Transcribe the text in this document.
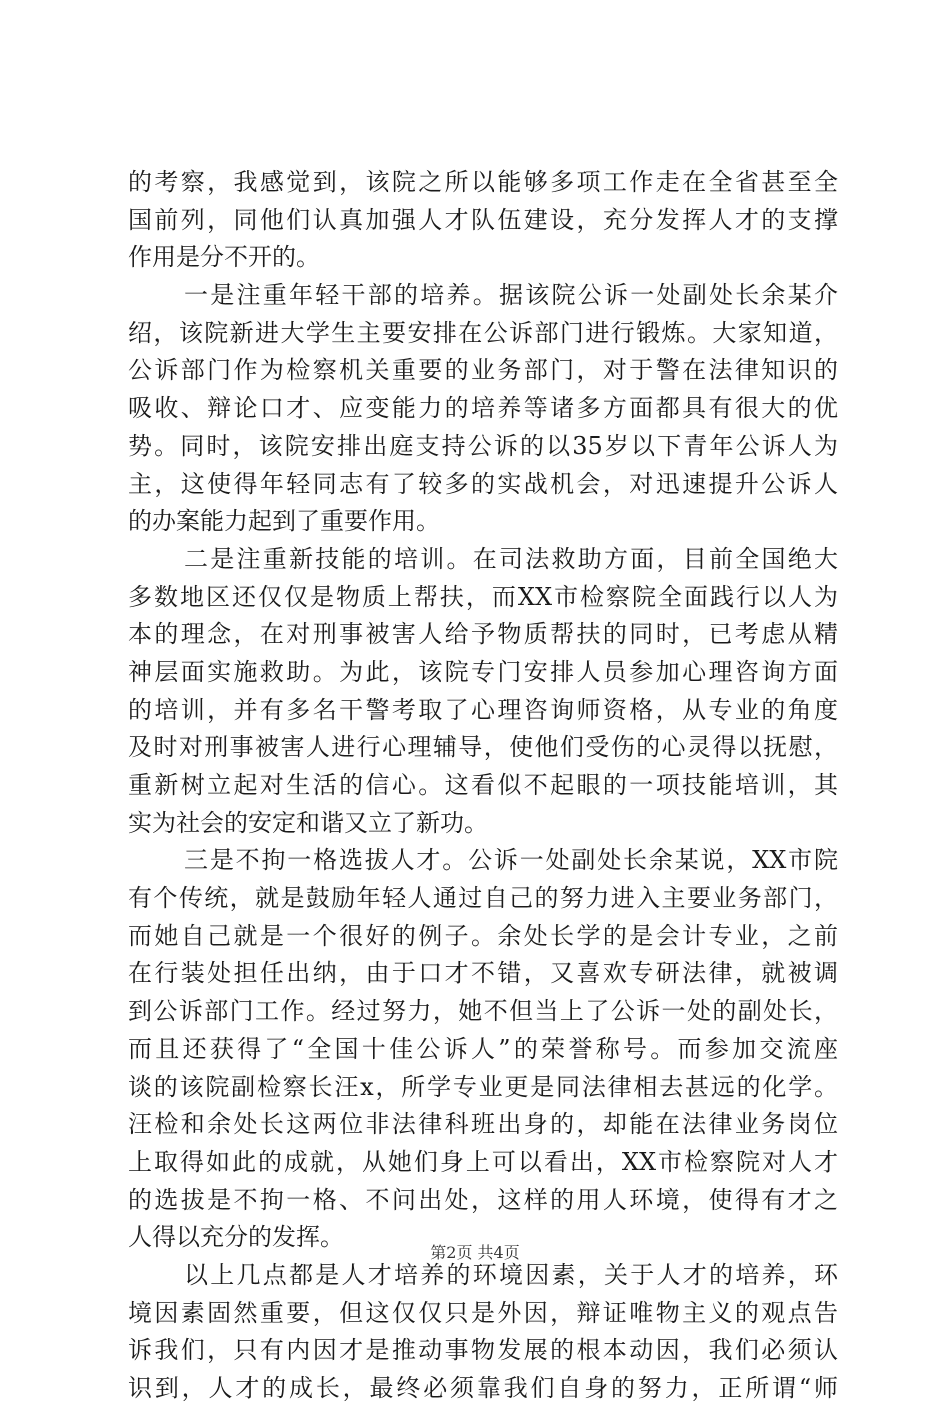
的考察，我感觉到，该院之所以能够多项工作走在全省甚至全
国前列，同他们认真加强人才队伍建设，充分发挥人才的支撑
作用是分不开的。
一是注重年轻干部的培养。据该院公诉一处副处长余某介
绍，该院新进大学生主要安排在公诉部门进行锻炼。大家知道，
公诉部门作为检察机关重要的业务部门，对于警在法律知识的
吸收、辩论口才、应变能力的培养等诸多方面都具有很大的优
势。同时，该院安排出庭支持公诉的以35岁以下青年公诉人为
主，这使得年轻同志有了较多的实战机会，对迅速提升公诉人
的办案能力起到了重要作用。
二是注重新技能的培训。在司法救助方面，目前全国绝大
多数地区还仅仅是物质上帮扶，而XX市检察院全面践行以人为
本的理念，在对刑事被害人给予物质帮扶的同时，已考虑从精
神层面实施救助。为此，该院专门安排人员参加心理咨询方面
的培训，并有多名干警考取了心理咨询师资格，从专业的角度
及时对刑事被害人进行心理辅导，使他们受伤的心灵得以抚慰，
重新树立起对生活的信心。这看似不起眼的一项技能培训，其
实为社会的安定和谐又立了新功。
三是不拘一格选拔人才。公诉一处副处长余某说，XX市院
有个传统，就是鼓励年轻人通过自己的努力进入主要业务部门，
而她自己就是一个很好的例子。余处长学的是会计专业，之前
在行装处担任出纳，由于口才不错，又喜欢专研法律，就被调
到公诉部门工作。经过努力，她不但当上了公诉一处的副处长，
而且还获得了“全国十佳公诉人”的荣誉称号。而参加交流座
谈的该院副检察长汪x，所学专业更是同法律相去甚远的化学。
汪检和余处长这两位非法律科班出身的，却能在法律业务岗位
上取得如此的成就，从她们身上可以看出，XX市检察院对人才
的选拔是不拘一格、不问出处，这样的用人环境，使得有才之
人得以充分的发挥。
以上几点都是人才培养的环境因素，关于人才的培养，环
境因素固然重要，但这仅仅只是外因，辩证唯物主义的观点告
诉我们，只有内因才是推动事物发展的根本动因，我们必须认
识到，人才的成长，最终必须靠我们自身的努力，正所谓“师
第2页 共4页
